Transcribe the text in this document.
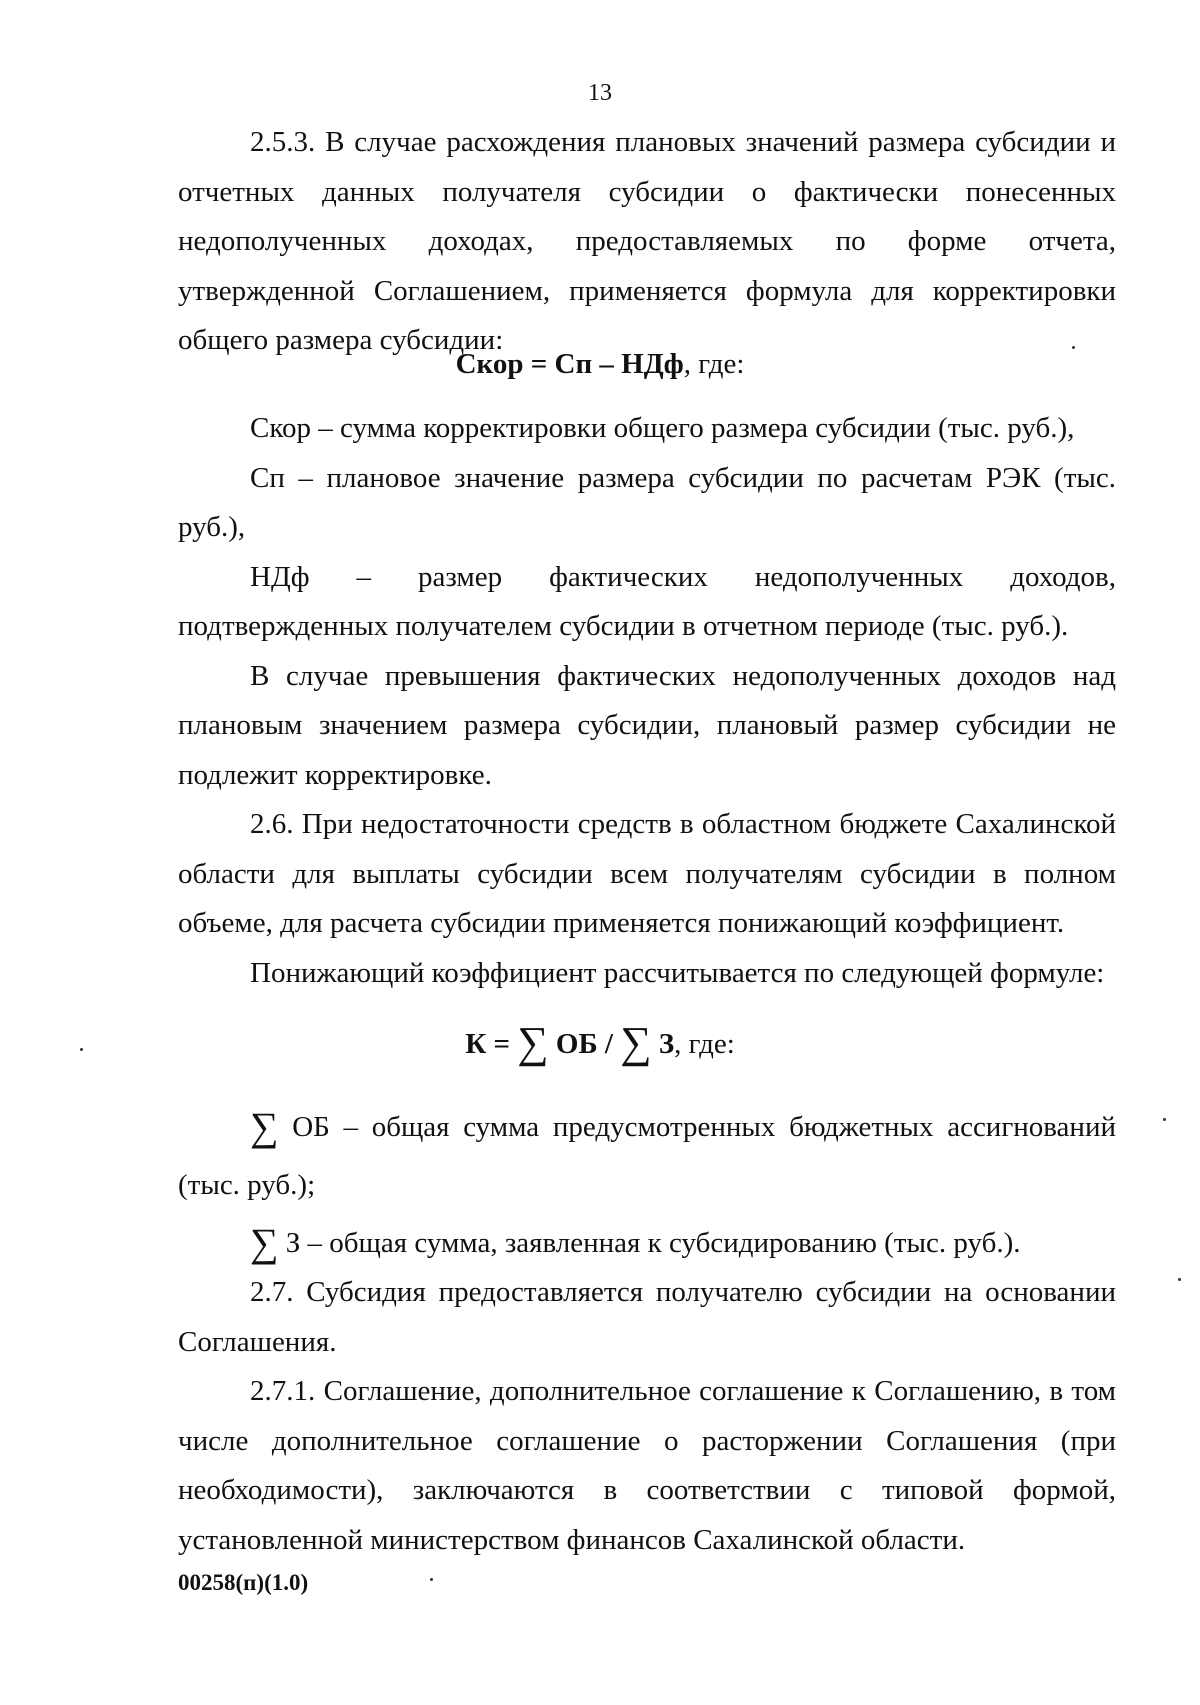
13

2.5.3. В случае расхождения плановых значений размера субсидии и отчетных данных получателя субсидии о фактически понесенных недополученных доходах, предоставляемых по форме отчета, утвержденной Соглашением, применяется формула для корректировки общего размера субсидии:

Скор = Сп – НДф, где:

Скор – сумма корректировки общего размера субсидии (тыс. руб.),

Сп – плановое значение размера субсидии по расчетам РЭК (тыс. руб.),

НДф – размер фактических недополученных доходов, подтвержденных получателем субсидии в отчетном периоде (тыс. руб.).

В случае превышения фактических недополученных доходов над плановым значением размера субсидии, плановый размер субсидии не подлежит корректировке.

2.6. При недостаточности средств в областном бюджете Сахалинской области для выплаты субсидии всем получателям субсидии в полном объеме, для расчета субсидии применяется понижающий коэффициент.

Понижающий коэффициент рассчитывается по следующей формуле:

К = ∑ ОБ / ∑ З, где:

∑ ОБ – общая сумма предусмотренных бюджетных ассигнований (тыс. руб.);

∑ З – общая сумма, заявленная к субсидированию (тыс. руб.).

2.7. Субсидия предоставляется получателю субсидии на основании Соглашения.

2.7.1. Соглашение, дополнительное соглашение к Соглашению, в том числе дополнительное соглашение о расторжении Соглашения (при необходимости), заключаются в соответствии с типовой формой, установленной министерством финансов Сахалинской области.

00258(п)(1.0)
